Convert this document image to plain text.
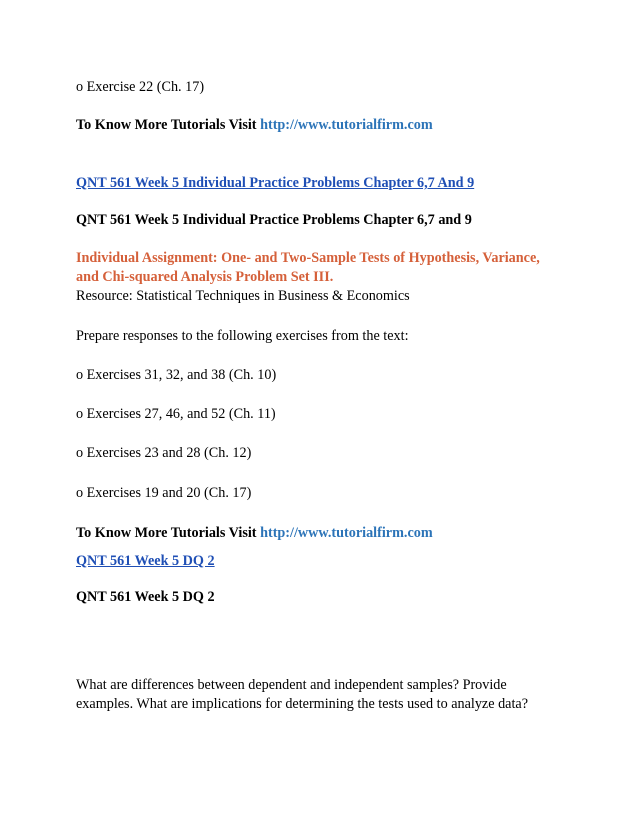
o Exercise 22 (Ch. 17)
To Know More Tutorials Visit http://www.tutorialfirm.com
QNT 561 Week 5 Individual Practice Problems Chapter 6,7 And 9
QNT 561 Week 5 Individual Practice Problems Chapter 6,7 and 9
Individual Assignment: One- and Two-Sample Tests of Hypothesis, Variance,
and Chi-squared Analysis Problem Set III.
Resource: Statistical Techniques in Business & Economics
Prepare responses to the following exercises from the text:
o Exercises 31, 32, and 38 (Ch. 10)
o Exercises 27, 46, and 52 (Ch. 11)
o Exercises 23 and 28 (Ch. 12)
o Exercises 19 and 20 (Ch. 17)
To Know More Tutorials Visit http://www.tutorialfirm.com
QNT 561 Week 5 DQ 2
QNT 561 Week 5 DQ 2
What are differences between dependent and independent samples? Provide
examples. What are implications for determining the tests used to analyze data?
